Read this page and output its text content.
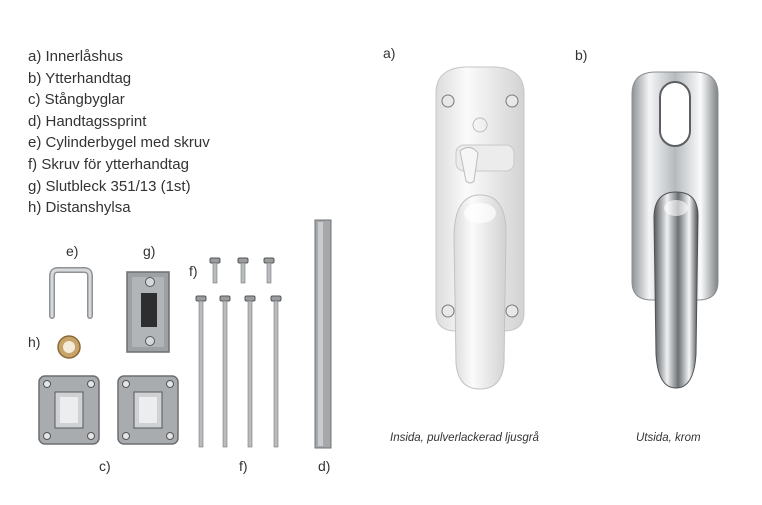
a) Innerlåshus
b) Ytterhandtag
c) Stångbyglar
d) Handtagssprint
e) Cylinderbygel med skruv
f) Skruv för ytterhandtag
g) Slutbleck 351/13 (1st)
h) Distanshylsa
e)	g)
f)
h)
c)	f)	d)
a)	b)
Insida, pulverlackerad ljusgrå	Utsida, krom
